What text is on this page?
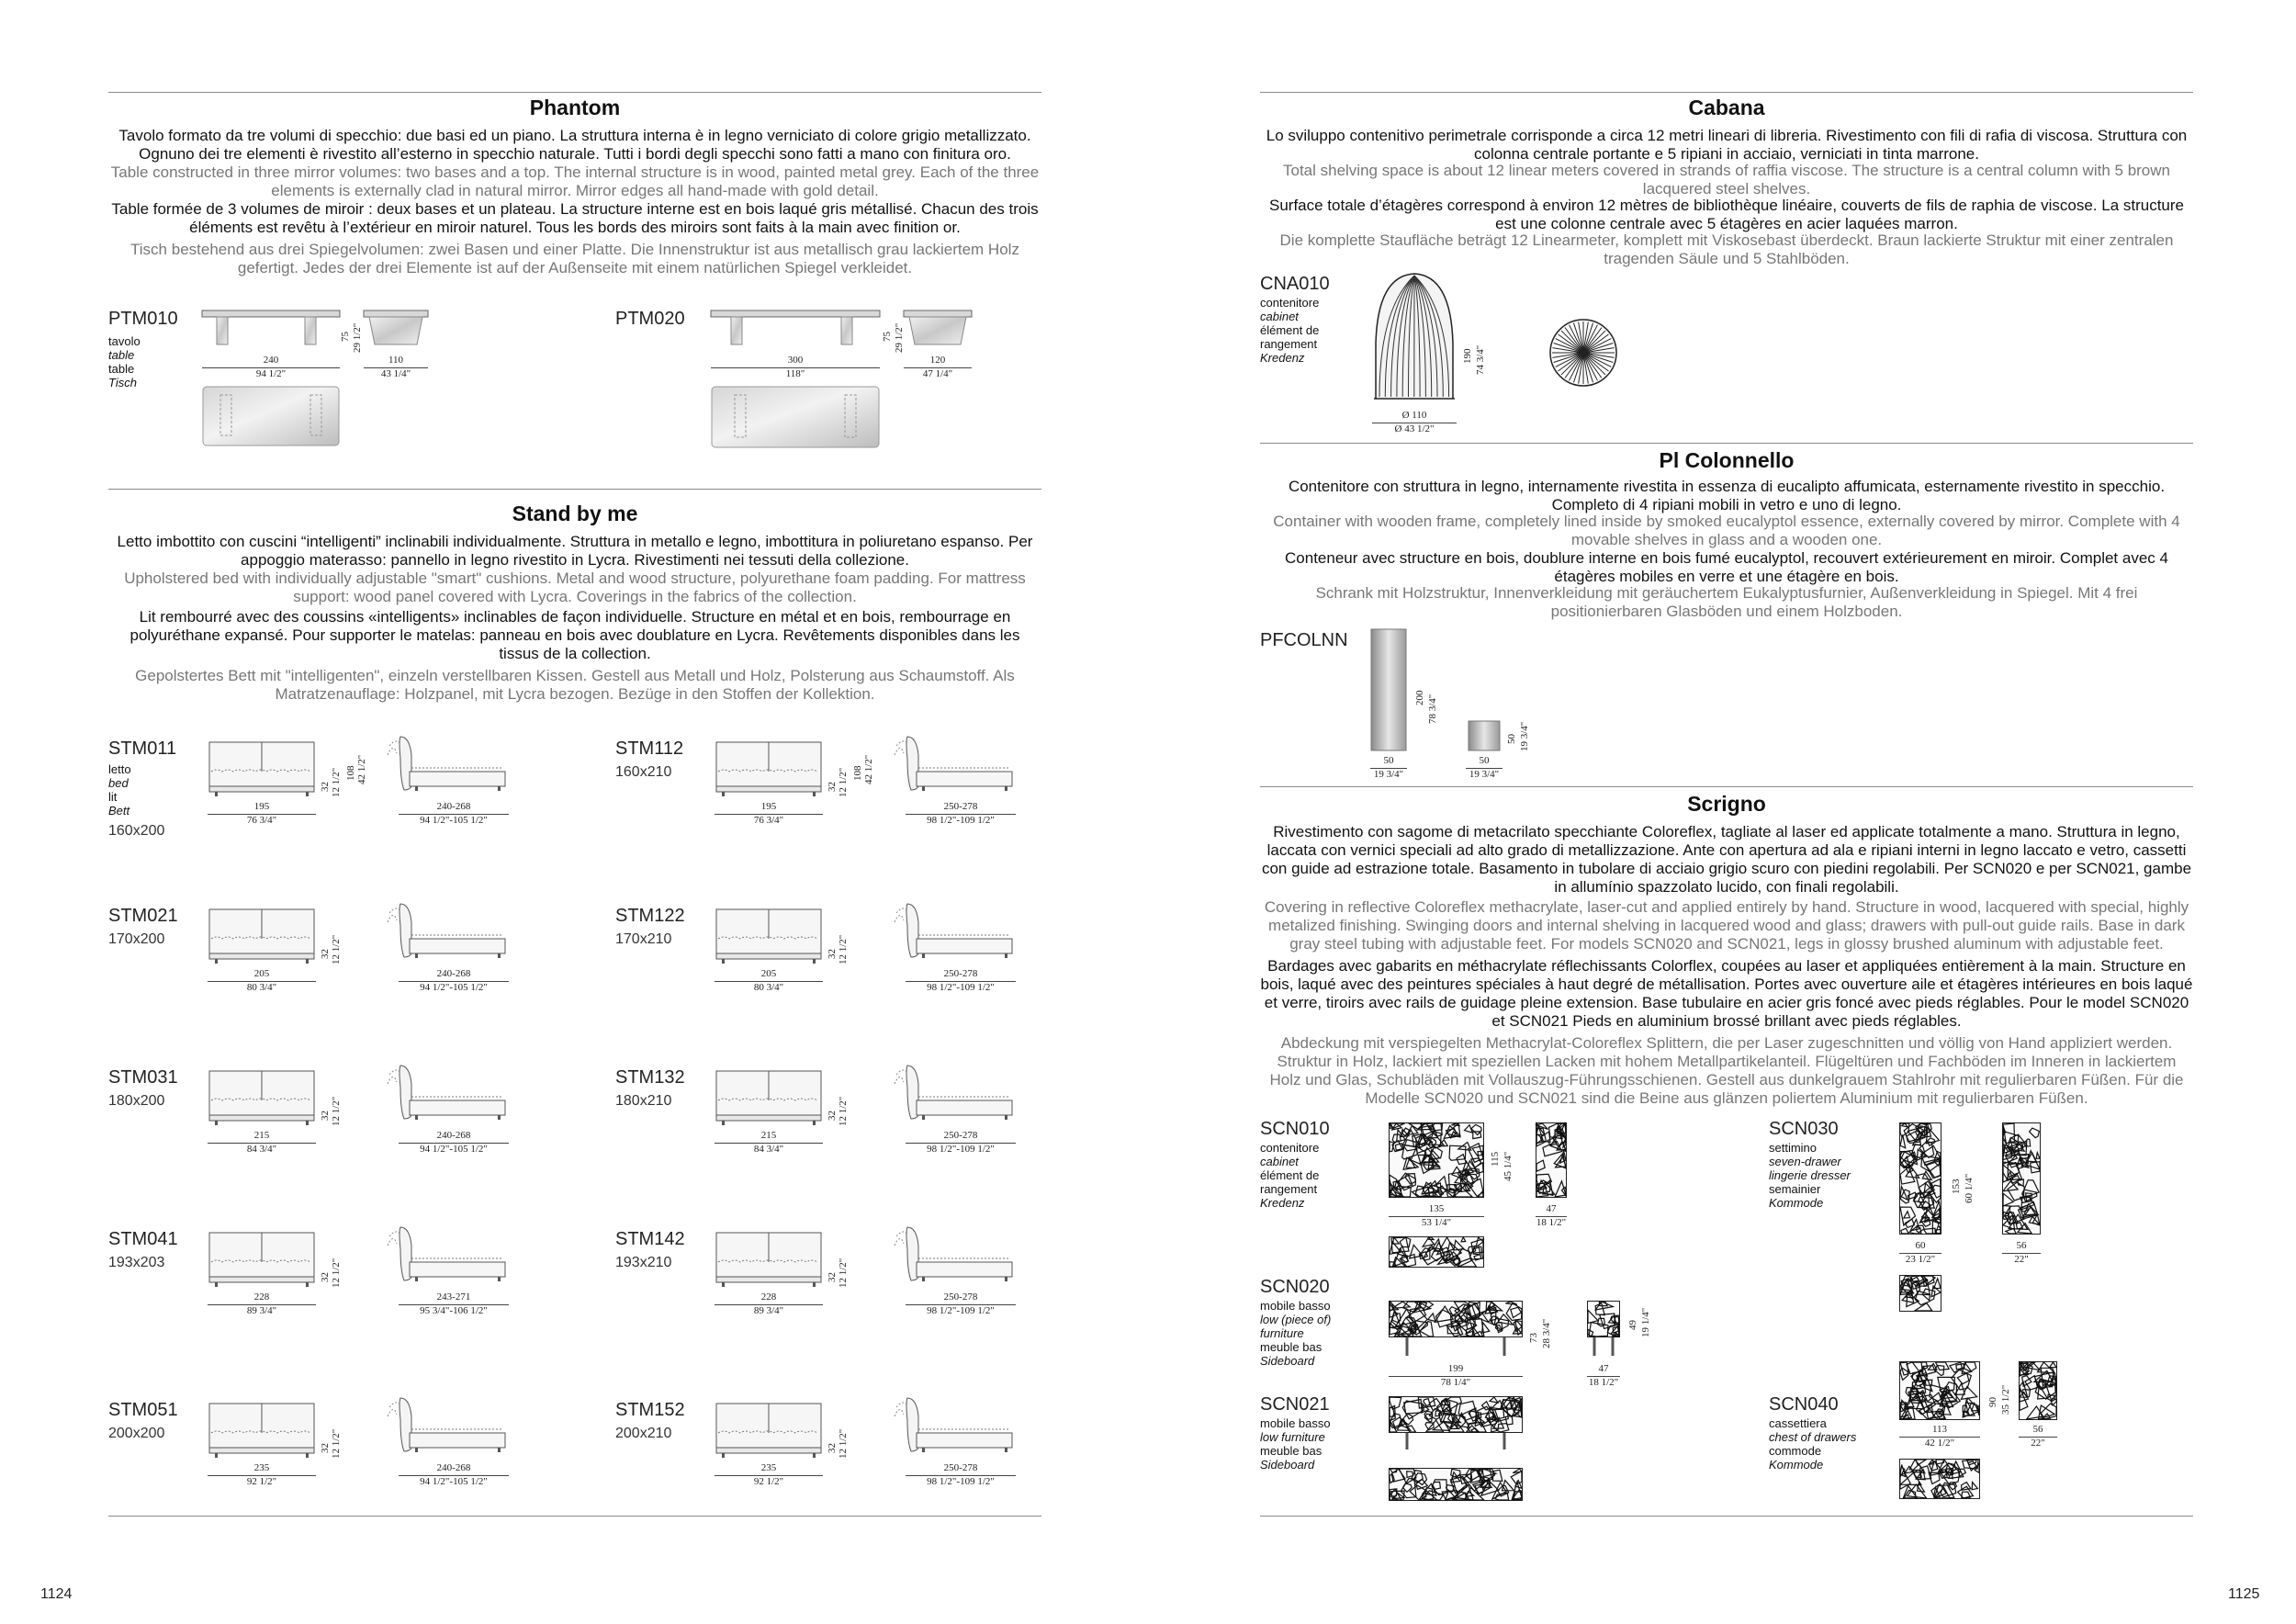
Phantom
Tavolo formato da tre volumi di specchio: due basi ed un piano. La struttura interna è in legno verniciato di colore grigio metallizzato. Ognuno dei tre elementi è rivestito all’esterno in specchio naturale. Tutti i bordi degli specchi sono fatti a mano con finitura oro.
Table constructed in three mirror volumes: two bases and a top. The internal structure is in wood, painted metal grey. Each of the three elements is externally clad in natural mirror. Mirror edges all hand-made with gold detail.
Table formée de 3 volumes de miroir : deux bases et un plateau. La structure interne est en bois laqué gris métallisé. Chacun des trois éléments est revêtu à l’extérieur en miroir naturel. Tous les bords des miroirs sont faits à la main avec finition or.
Tisch bestehend aus drei Spiegelvolumen: zwei Basen und einer Platte. Die Innenstruktur ist aus metallisch grau lackiertem Holz gefertigt. Jedes der drei Elemente ist auf der Außenseite mit einem natürlichen Spiegel verkleidet.
PTM010
tavolo
table
table
Tisch
240
94 1/2"
75 29 1/2"
110
43 1/4"
PTM020
300
118"
75 29 1/2"
120
47 1/4"
Stand by me
Letto imbottito con cuscini “intelligenti” inclinabili individualmente. Struttura in metallo e legno, imbottitura in poliuretano espanso. Per appoggio materasso: pannello in legno rivestito in Lycra. Rivestimenti nei tessuti della collezione.
Upholstered bed with individually adjustable "smart" cushions. Metal and wood structure, polyurethane foam padding. For mattress support: wood panel covered with Lycra. Coverings in the fabrics of the collection.
Lit rembourré avec des coussins «intelligents» inclinables de façon individuelle. Structure en métal et en bois, rembourrage en polyuréthane expansé. Pour supporter le matelas: panneau en bois avec doublature en Lycra. Revêtements disponibles dans les tissus de la collection.
Gepolstertes Bett mit "intelligenten", einzeln verstellbaren Kissen. Gestell aus Metall und Holz, Polsterung aus Schaumstoff. Als Matratzenauflage: Holzpanel, mit Lycra bezogen. Bezüge in den Stoffen der Kollektion.
STM011
letto
bed
lit
Bett
160x200
195
76 3/4"
32 12 1/2" 108 42 1/2"
240-268
94 1/2"-105 1/2"
STM112
160x210
195
76 3/4"
32 12 1/2" 108 42 1/2"
250-278
98 1/2"-109 1/2"
STM021
170x200
205
80 3/4"
32 12 1/2"
240-268
94 1/2"-105 1/2"
STM122
170x210
205
80 3/4"
32 12 1/2"
250-278
98 1/2"-109 1/2"
STM031
180x200
215
84 3/4"
32 12 1/2"
240-268
94 1/2"-105 1/2"
STM132
180x210
215
84 3/4"
32 12 1/2"
250-278
98 1/2"-109 1/2"
STM041
193x203
228
89 3/4"
32 12 1/2"
243-271
95 3/4"-106 1/2"
STM142
193x210
228
89 3/4"
32 12 1/2"
250-278
98 1/2"-109 1/2"
STM051
200x200
235
92 1/2"
32 12 1/2"
240-268
94 1/2"-105 1/2"
STM152
200x210
235
92 1/2"
32 12 1/2"
250-278
98 1/2"-109 1/2"
1124
Cabana
Lo sviluppo contenitivo perimetrale corrisponde a circa 12 metri lineari di libreria. Rivestimento con fili di rafia di viscosa. Struttura con colonna centrale portante e 5 ripiani in acciaio, verniciati in tinta marrone.
Total shelving space is about 12 linear meters covered in strands of raffia viscose. The structure is a central column with 5 brown lacquered steel shelves.
Surface totale d’étagères correspond à environ 12 mètres de bibliothèque linéaire, couverts de fils de raphia de viscose. La structure est une colonne centrale avec 5 étagères en acier laquées marron.
Die komplette Staufläche beträgt 12 Linearmeter, komplett mit Viskosebast überdeckt. Braun lackierte Struktur mit einer zentralen tragenden Säule und 5 Stahlböden.
CNA010
contenitore
cabinet
élément de
rangement
Kredenz	190 74 3/4"
Ø 110
Ø 43 1/2"
Pl Colonnello
Contenitore con struttura in legno, internamente rivestita in essenza di eucalipto affumicata, esternamente rivestito in specchio. Completo di 4 ripiani mobili in vetro e uno di legno.
Container with wooden frame, completely lined inside by smoked eucalyptol essence, externally covered by mirror. Complete with 4 movable shelves in glass and a wooden one.
Conteneur avec structure en bois, doublure interne en bois fumé eucalyptol, recouvert extérieurement en miroir. Complet avec 4 étagères mobiles en verre et une étagère en bois.
Schrank mit Holzstruktur, Innenverkleidung mit geräuchertem Eukalyptusfurnier, Außenverkleidung in Spiegel. Mit 4 frei positionierbaren Glasböden und einem Holzboden.
PFCOLNN
200 78 3/4"
50
19 3/4"
50 19 3/4"
50
19 3/4"
Scrigno
Rivestimento con sagome di metacrilato specchiante Coloreflex, tagliate al laser ed applicate totalmente a mano. Struttura in legno, laccata con vernici speciali ad alto grado di metallizzazione. Ante con apertura ad ala e ripiani interni in legno laccato e vetro, cassetti con guide ad estrazione totale. Basamento in tubolare di acciaio grigio scuro con piedini regolabili. Per SCN020 e per SCN021, gambe in allumínio spazzolato lucido, con finali regolabili.
Covering in reflective Coloreflex methacrylate, laser-cut and applied entirely by hand. Structure in wood, lacquered with special, highly metalized finishing. Swinging doors and internal shelving in lacquered wood and glass; drawers with pull-out guide rails. Base in dark gray steel tubing with adjustable feet. For models SCN020 and SCN021, legs in glossy brushed aluminum with adjustable feet.
Bardages avec gabarits en méthacrylate réflechissants Colorflex, coupées au laser et appliquées entièrement à la main. Structure en bois, laqué avec des peintures spéciales à haut degré de métallisation. Portes avec ouverture aile et étagères intérieures en bois laqué et verre, tiroirs avec rails de guidage pleine extension. Base tubulaire en acier gris foncé avec pieds réglables. Pour le model SCN020 et SCN021 Pieds en aluminium brossé brillant avec pieds réglables.
Abdeckung mit verspiegelten Methacrylat-Coloreflex Splittern, die per Laser zugeschnitten und völlig von Hand appliziert werden. Struktur in Holz, lackiert mit speziellen Lacken mit hohem Metallpartikelanteil. Flügeltüren und Fachböden im Inneren in lackiertem Holz und Glas, Schubläden mit Vollauszug-Führungsschienen. Gestell aus dunkelgrauem Stahlrohr mit regulierbaren Füßen. Für die Modelle SCN020 und SCN021 sind die Beine aus glänzen poliertem Aluminium mit regulierbaren Füßen.
SCN010
contenitore
cabinet
élément de
rangement
Kredenz
115 45 1/4"
135
53 1/4"
47
18 1/2"
SCN020
mobile basso
low (piece of)
furniture
meuble bas
Sideboard
73 28 3/4"	49 19 1/4"
199
78 1/4"
47
18 1/2"
SCN021
mobile basso
low furniture
meuble bas
Sideboard
SCN030
settimino
seven-drawer
lingerie dresser
semainier
Kommode
153 60 1/4"
60
23 1/2"
56
22"
SCN040
cassettiera
chest of drawers
commode
Kommode
90 35 1/2"
113
42 1/2"
56
22"
1125
